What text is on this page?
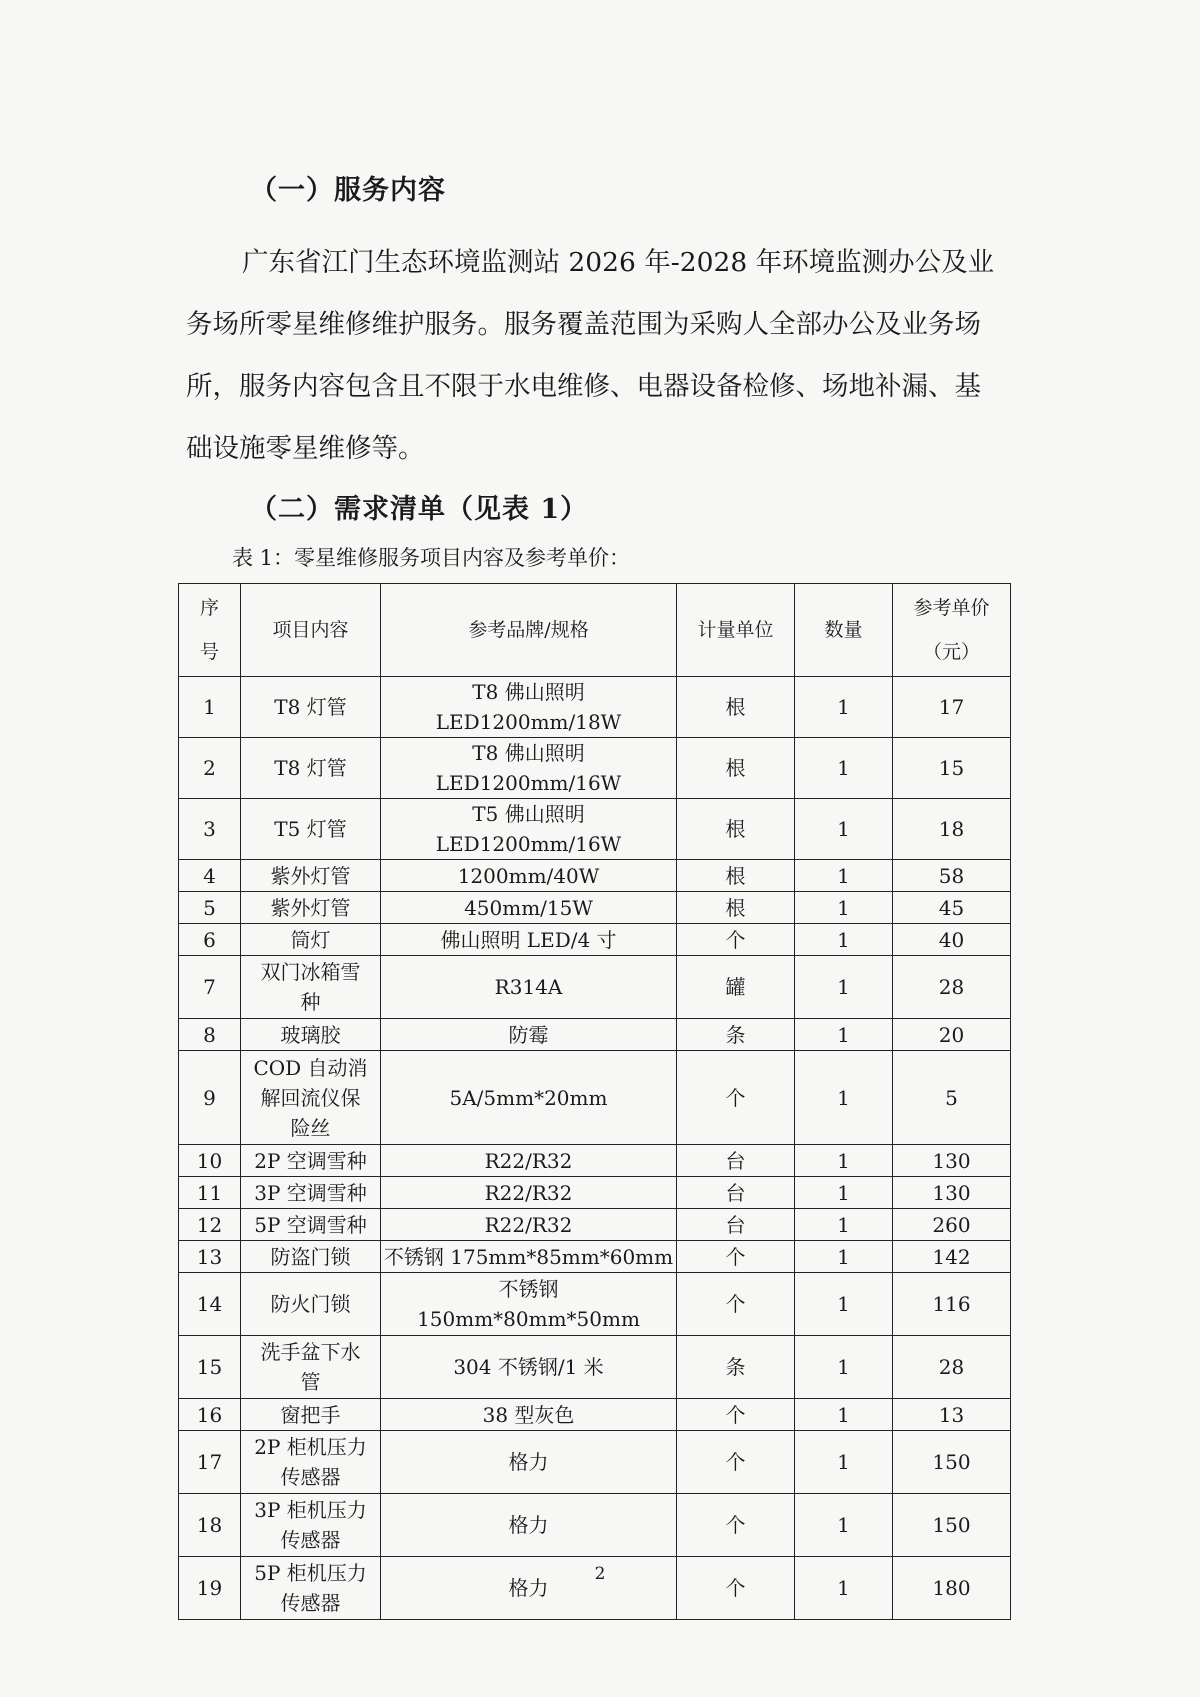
（一）服务内容
广东省江门生态环境监测站 2026 年-2028 年环境监测办公及业
务场所零星维修维护服务。服务覆盖范围为采购人全部办公及业务场
所，服务内容包含且不限于水电维修、电器设备检修、场地补漏、基
础设施零星维修等。
（二）需求清单（见表 1）
表 1：零星维修服务项目内容及参考单价：
序
号	项目内容	参考品牌/规格	计量单位	数量	参考单价
（元）

1	T8 灯管	T8 佛山照明 LED1200mm/18W	根	1	17
2	T8 灯管	T8 佛山照明 LED1200mm/16W	根	1	15
3	T5 灯管	T5 佛山照明 LED1200mm/16W	根	1	18
4	紫外灯管	1200mm/40W	根	1	58
5	紫外灯管	450mm/15W	根	1	45
6	筒灯	佛山照明 LED/4 寸	个	1	40
7	双门冰箱雪
种	R314A	罐	1	28
8	玻璃胶	防霉	条	1	20
9	COD 自动消
解回流仪保
险丝	5A/5mm*20mm	个	1	5
10	2P 空调雪种	R22/R32	台	1	130
11	3P 空调雪种	R22/R32	台	1	130
12	5P 空调雪种	R22/R32	台	1	260
13	防盗门锁	不锈钢 175mm*85mm*60mm	个	1	142
14	防火门锁	不锈钢
150mm*80mm*50mm	个	1	116
15	洗手盆下水
管	304 不锈钢/1 米	条	1	28
16	窗把手	38 型灰色	个	1	13
17	2P 柜机压力
传感器	格力	个	1	150
18	3P 柜机压力
传感器	格力	个	1	150
19	5P 柜机压力
传感器	格力	个	1	180
2
